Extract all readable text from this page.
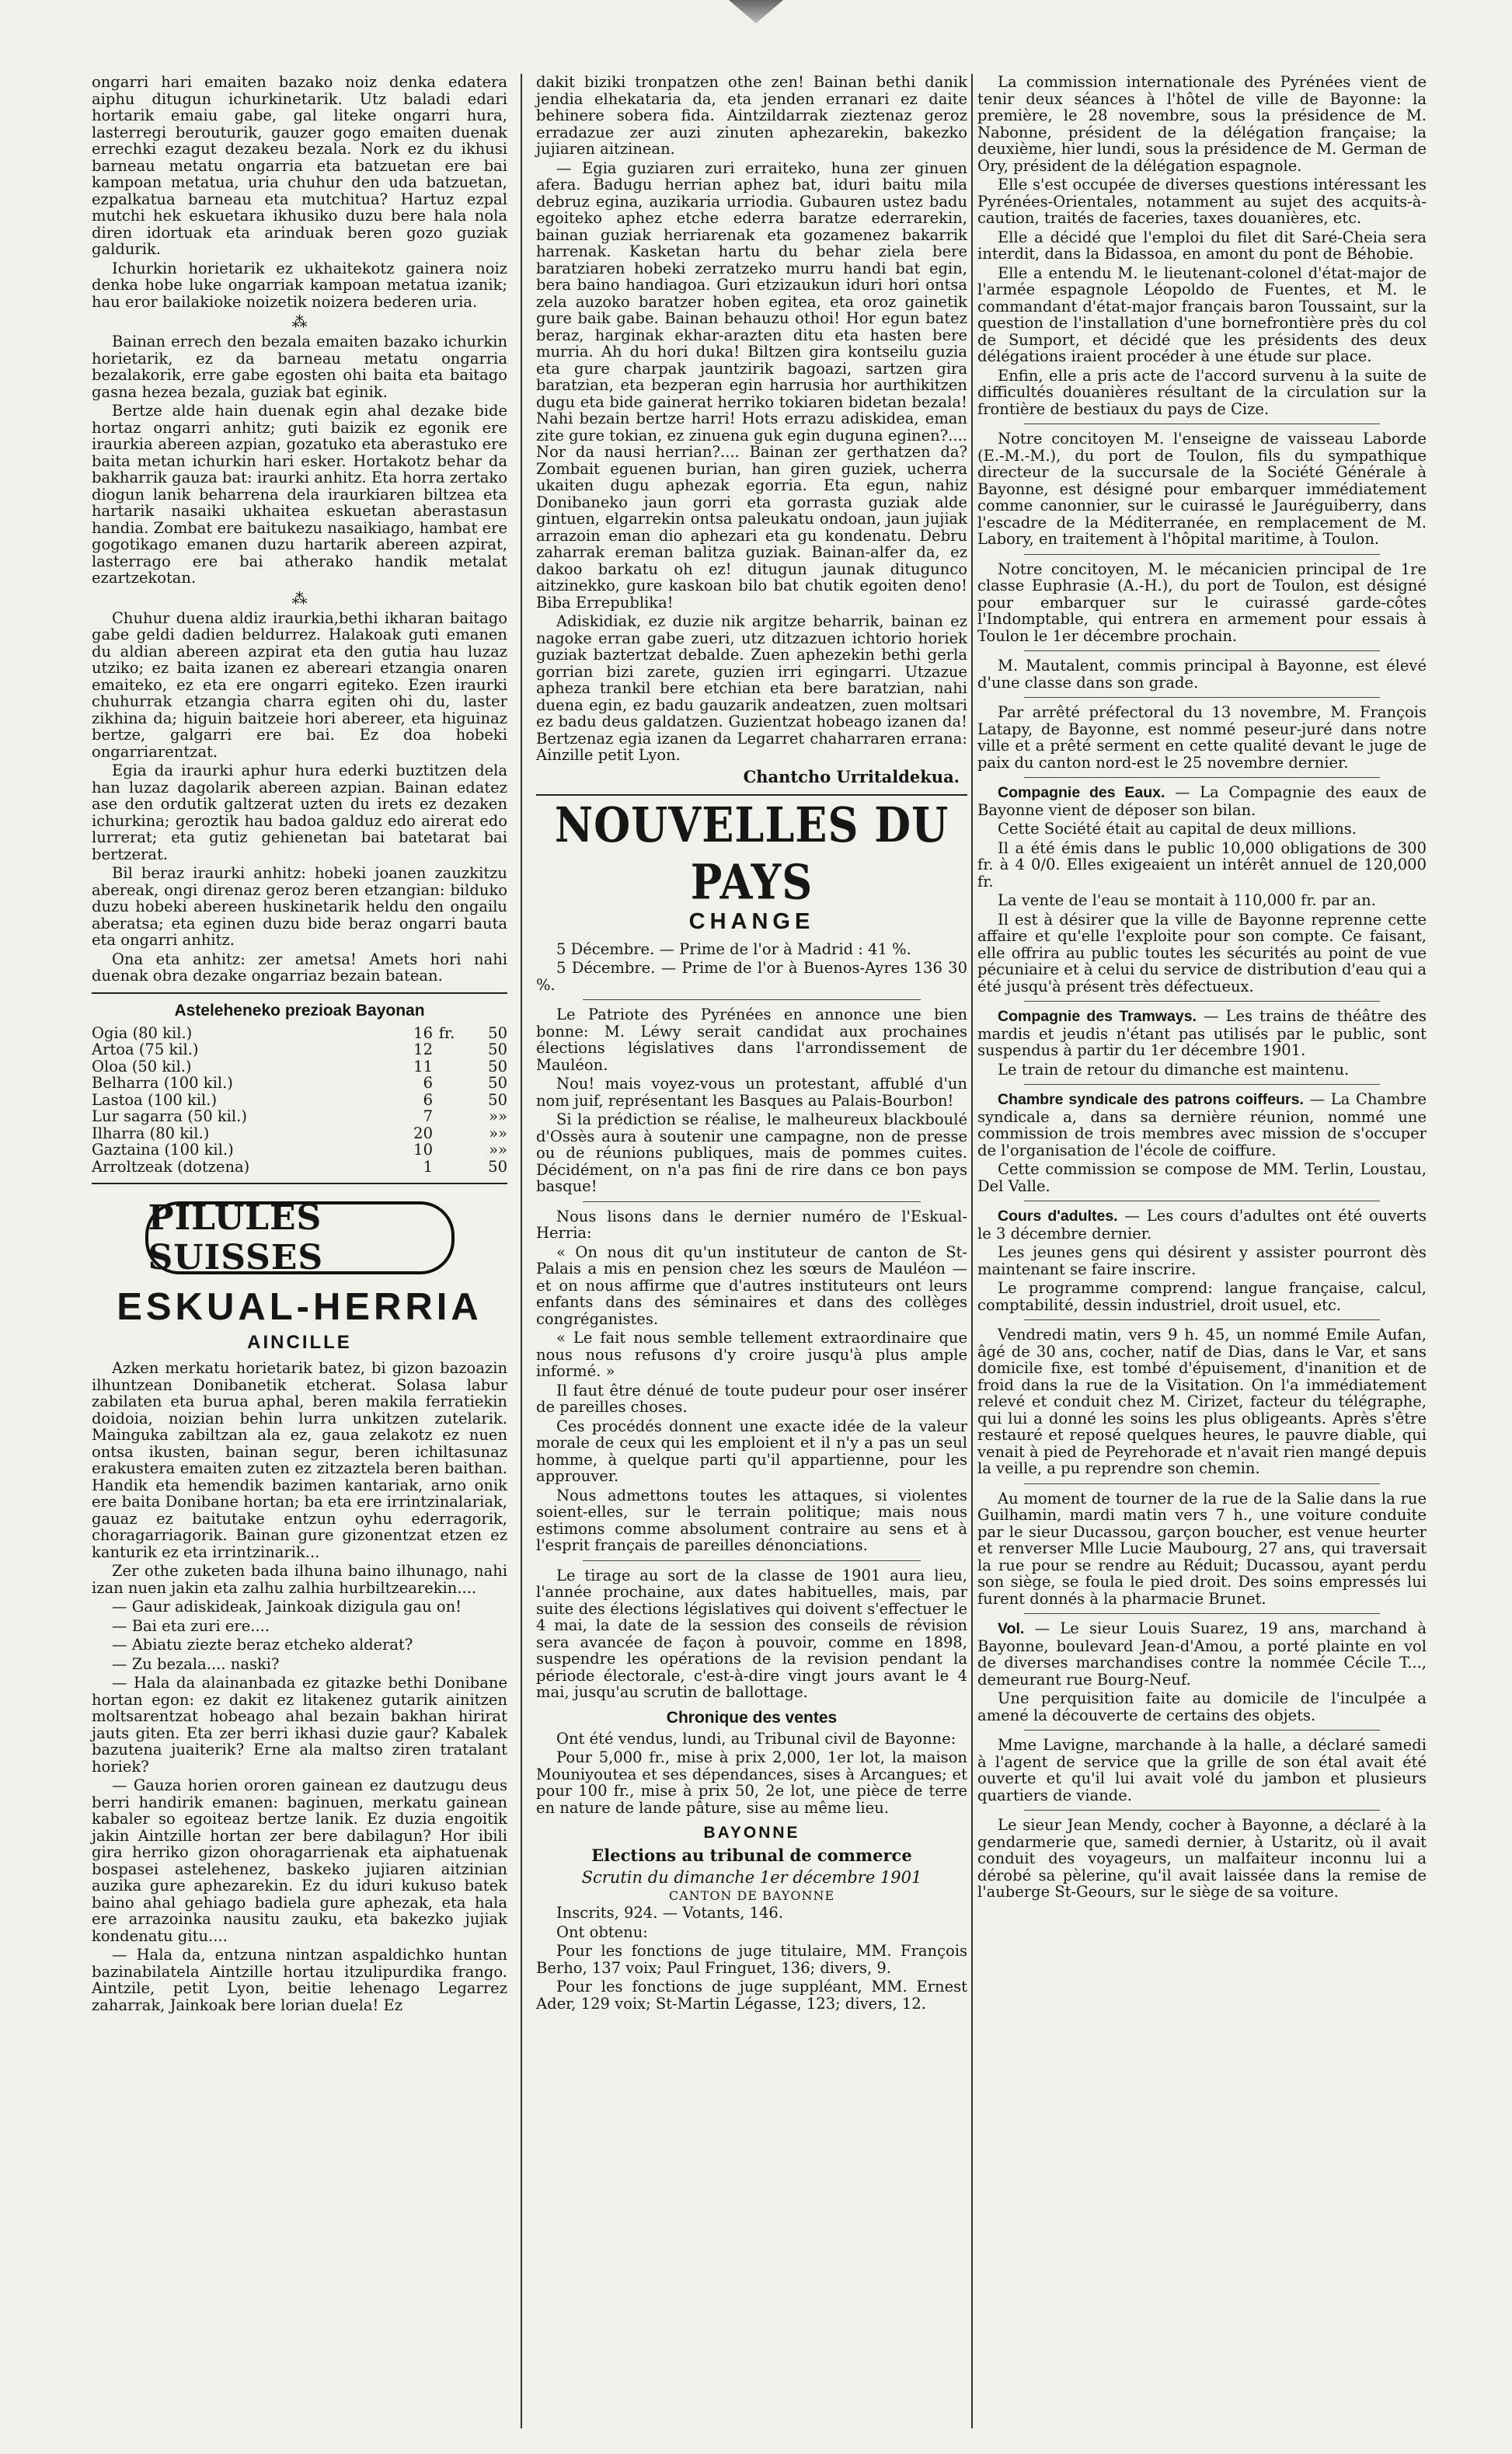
ongarri hari emaiten bazako noiz denka edatera aiphu ditugun ichurkinetarik. Utz baladi edari hortarik emaiu gabe, gal liteke ongarri hura, lasterregi berouturik, gauzer gogo emaiten duenak errechki ezagut dezakeu bezala. Nork ez du ikhusi barneau metatu ongarria eta batzuetan ere bai kampoan metatua, uria chuhur den uda batzuetan, ezpalkatua barneau eta mutchitua? Hartuz ezpal mutchi hek eskuetara ikhusiko duzu bere hala nola diren idortuak eta arinduak beren gozo guziak galdurik.

Ichurkin horietarik ez ukhaitekotz gainera noiz denka hobe luke ongarriak kampoan metatua izanik; hau eror bailakioke noizetik noizera bederen uria.

⁂

Bainan errech den bezala emaiten bazako ichurkin horietarik, ez da barneau metatu ongarria bezalakorik, erre gabe egosten ohi baita eta baitago gasna hezea bezala, guziak bat eginik.

Bertze alde hain duenak egin ahal dezake bide hortaz ongarri anhitz; guti baizik ez egonik ere iraurkia abereen azpian, gozatuko eta aberastuko ere baita metan ichurkin hari esker. Hortakotz behar da bakharrik gauza bat: iraurki anhitz. Eta horra zertako diogun lanik beharrena dela iraurkiaren biltzea eta hartarik nasaiki ukhaitea eskuetan aberastasun handia. Zombat ere baitukezu nasaikiago, hambat ere gogotikago emanen duzu hartarik abereen azpirat, lasterrago ere bai atherako handik metalat ezartzekotan.

⁂

Chuhur duena aldiz iraurkia,bethi ikharan baitago gabe geldi dadien beldurrez. Halakoak guti emanen du aldian abereen azpirat eta den gutia hau luzaz utziko; ez baita izanen ez abereari etzangia onaren emaiteko, ez eta ere ongarri egiteko. Ezen iraurki chuhurrak etzangia charra egiten ohi du, laster zikhina da; higuin baitzeie hori abereer, eta higuinaz bertze, galgarri ere bai. Ez doa hobeki ongarriarentzat.

Egia da iraurki aphur hura ederki buztitzen dela han luzaz dagolarik abereen azpian. Bainan edatez ase den ordutik galtzerat uzten du irets ez dezaken ichurkina; geroztik hau badoa galduz edo airerat edo lurrerat; eta gutiz gehienetan bai batetarat bai bertzerat.

Bil beraz iraurki anhitz: hobeki joanen zauzkitzu abereak, ongi direnaz geroz beren etzangian: bilduko duzu hobeki abereen huskinetarik heldu den ongailu aberatsa; eta eginen duzu bide beraz ongarri bauta eta ongarri anhitz.

Ona eta anhitz: zer ametsa! Amets hori nahi duenak obra dezake ongarriaz bezain batean.

Asteleheneko prezioak Bayonan
Ogia (80 kil.)	16	fr.	50
Artoa (75 kil.)	12		50
Oloa (50 kil.)	11		50
Belharra (100 kil.)	6		50
Lastoa (100 kil.)	6		50
Lur sagarra (50 kil.)	7		»»
Ilharra (80 kil.)	20		»»
Gaztaina (100 kil.)	10		»»
Arroltzeak (dotzena)	1		50
PILULES SUISSES
ESKUAL-HERRIA
AINCILLE

Azken merkatu horietarik batez, bi gizon bazoazin ilhuntzean Donibanetik etcherat. Solasa labur zabilaten eta burua aphal, beren makila ferratiekin doidoia, noizian behin lurra unkitzen zutelarik. Mainguka zabiltzan ala ez, gaua zelakotz ez nuen ontsa ikusten, bainan segur, beren ichiltasunaz erakustera emaiten zuten ez zitzaztela beren baithan. Handik eta hemendik bazimen kantariak, arno onik ere baita Donibane hortan; ba eta ere irrintzinalariak, gauaz ez baitutake entzun oyhu ederragorik, choragarriagorik. Bainan gure gizonentzat etzen ez kanturik ez eta irrintzinarik...

Zer othe zuketen bada ilhuna baino ilhunago, nahi izan nuen jakin eta zalhu zalhia hurbiltzearekin....

— Gaur adiskideak, Jainkoak dizigula gau on!

— Bai eta zuri ere....

— Abiatu ziezte beraz etcheko alderat?

— Zu bezala.... naski?

— Hala da alainanbada ez gitazke bethi Donibane hortan egon: ez dakit ez litakenez gutarik ainitzen moltsarentzat hobeago ahal bezain bakhan hirirat jauts giten. Eta zer berri ikhasi duzie gaur? Kabalek bazutena juaiterik? Erne ala maltso ziren tratalant horiek?

— Gauza horien ororen gainean ez dautzugu deus berri handirik emanen: baginuen, merkatu gainean kabaler so egoiteaz bertze lanik. Ez duzia engoitik jakin Aintzille hortan zer bere dabilagun? Hor ibili gira herriko gizon ohoragarrienak eta aiphatuenak bospasei astelehenez, baskeko jujiaren aitzinian auzika gure aphezarekin. Ez du iduri kukuso batek baino ahal gehiago badiela gure aphezak, eta hala ere arrazoinka nausitu zauku, eta bakezko jujiak kondenatu gitu....

— Hala da, entzuna nintzan aspaldichko huntan bazinabilatela Aintzille hortau itzulipurdika frango. Aintzile, petit Lyon, beitie lehenago Legarrez zaharrak, Jainkoak bere lorian duela! Ez

dakit biziki tronpatzen othe zen! Bainan bethi danik jendia elhekataria da, eta jenden erranari ez daite behinere sobera fida. Aintzildarrak zieztenaz geroz erradazue zer auzi zinuten aphezarekin, bakezko jujiaren aitzinean.

— Egia guziaren zuri erraiteko, huna zer ginuen afera. Badugu herrian aphez bat, iduri baitu mila debruz egina, auzikaria urriodia. Gubauren ustez badu egoiteko aphez etche ederra baratze ederrarekin, bainan guziak herriarenak eta gozamenez bakarrik harrenak. Kasketan hartu du behar ziela bere baratziaren hobeki zerratzeko murru handi bat egin, bera baino handiagoa. Guri etzizaukun iduri hori ontsa zela auzoko baratzer hoben egitea, eta oroz gainetik gure baik gabe. Bainan behauzu othoi! Hor egun batez beraz, harginak ekhar-arazten ditu eta hasten bere murria. Ah du hori duka! Biltzen gira kontseilu guzia eta gure charpak jauntzirik bagoazi, sartzen gira baratzian, eta bezperan egin harrusia hor aurthikitzen dugu eta bide gainerat herriko tokiaren bidetan bezala! Nahi bezain bertze harri! Hots errazu adiskidea, eman zite gure tokian, ez zinuena guk egin duguna eginen?.... Nor da nausi herrian?.... Bainan zer gerthatzen da? Zombait eguenen burian, han giren guziek, ucherra ukaiten dugu aphezak egorria. Eta egun, nahiz Donibaneko jaun gorri eta gorrasta guziak alde gintuen, elgarrekin ontsa paleukatu ondoan, jaun jujiak arrazoin eman dio aphezari eta gu kondenatu. Debru zaharrak ereman balitza guziak. Bainan-alfer da, ez dakoo barkatu oh ez! ditugun jaunak ditugunco aitzinekko, gure kaskoan bilo bat chutik egoiten deno! Biba Errepublika!

Adiskidiak, ez duzie nik argitze beharrik, bainan ez nagoke erran gabe zueri, utz ditzazuen ichtorio horiek guziak baztertzat debalde. Zuen aphezekin bethi gerla gorrian bizi zarete, guzien irri egingarri. Utzazue apheza trankil bere etchian eta bere baratzian, nahi duena egin, ez badu gauzarik andeatzen, zuen moltsari ez badu deus galdatzen. Guzientzat hobeago izanen da! Bertzenaz egia izanen da Legarret chaharraren errana: Ainzille petit Lyon.

Chantcho Urritaldekua.
NOUVELLES DU PAYS
CHANGE

5 Décembre. — Prime de l'or à Madrid : 41 %.

5 Décembre. — Prime de l'or à Buenos-Ayres 136 30 %.

Le Patriote des Pyrénées en annonce une bien bonne: M. Léwy serait candidat aux prochaines élections législatives dans l'arrondissement de Mauléon.

Nou! mais voyez-vous un protestant, affublé d'un nom juif, représentant les Basques au Palais-Bourbon!

Si la prédiction se réalise, le malheureux blackboulé d'Ossès aura à soutenir une campagne, non de presse ou de réunions publiques, mais de pommes cuites. Décidément, on n'a pas fini de rire dans ce bon pays basque!

Nous lisons dans le dernier numéro de l'Eskual-Herria:

« On nous dit qu'un instituteur de canton de St-Palais a mis en pension chez les sœurs de Mauléon — et on nous affirme que d'autres instituteurs ont leurs enfants dans des séminaires et dans des collèges congréganistes.

« Le fait nous semble tellement extraordinaire que nous nous refusons d'y croire jusqu'à plus ample informé. »

Il faut être dénué de toute pudeur pour oser insérer de pareilles choses.

Ces procédés donnent une exacte idée de la valeur morale de ceux qui les emploient et il n'y a pas un seul homme, à quelque parti qu'il appartienne, pour les approuver.

Nous admettons toutes les attaques, si violentes soient-elles, sur le terrain politique; mais nous estimons comme absolument contraire au sens et à l'esprit français de pareilles dénonciations.

Le tirage au sort de la classe de 1901 aura lieu, l'année prochaine, aux dates habituelles, mais, par suite des élections législatives qui doivent s'effectuer le 4 mai, la date de la session des conseils de révision sera avancée de façon à pouvoir, comme en 1898, suspendre les opérations de la revision pendant la période électorale, c'est-à-dire vingt jours avant le 4 mai, jusqu'au scrutin de ballottage.

Chronique des ventes

Ont été vendus, lundi, au Tribunal civil de Bayonne:

Pour 5,000 fr., mise à prix 2,000, 1er lot, la maison Mouniyoutea et ses dépendances, sises à Arcangues; et pour 100 fr., mise à prix 50, 2e lot, une pièce de terre en nature de lande pâture, sise au même lieu.

BAYONNE
Elections au tribunal de commerce
Scrutin du dimanche 1er décembre 1901
CANTON DE BAYONNE

Inscrits, 924. — Votants, 146.

Ont obtenu:

Pour les fonctions de juge titulaire, MM. François Berho, 137 voix; Paul Fringuet, 136; divers, 9.

Pour les fonctions de juge suppléant, MM. Ernest Ader, 129 voix; St-Martin Légasse, 123; divers, 12.

La commission internationale des Pyrénées vient de tenir deux séances à l'hôtel de ville de Bayonne: la première, le 28 novembre, sous la présidence de M. Nabonne, président de la délégation française; la deuxième, hier lundi, sous la présidence de M. German de Ory, président de la délégation espagnole.

Elle s'est occupée de diverses questions intéressant les Pyrénées-Orientales, notamment au sujet des acquits-à-caution, traités de faceries, taxes douanières, etc.

Elle a décidé que l'emploi du filet dit Saré-Cheia sera interdit, dans la Bidassoa, en amont du pont de Béhobie.

Elle a entendu M. le lieutenant-colonel d'état-major de l'armée espagnole Léopoldo de Fuentes, et M. le commandant d'état-major français baron Toussaint, sur la question de l'installation d'une bornefrontière près du col de Sumport, et décidé que les présidents des deux délégations iraient procéder à une étude sur place.

Enfin, elle a pris acte de l'accord survenu à la suite de difficultés douanières résultant de la circulation sur la frontière de bestiaux du pays de Cize.

Notre concitoyen M. l'enseigne de vaisseau Laborde (E.-M.-M.), du port de Toulon, fils du sympathique directeur de la succursale de la Société Générale à Bayonne, est désigné pour embarquer immédiatement comme canonnier, sur le cuirassé le Jauréguiberry, dans l'escadre de la Méditerranée, en remplacement de M. Labory, en traitement à l'hôpital maritime, à Toulon.

Notre concitoyen, M. le mécanicien principal de 1re classe Euphrasie (A.-H.), du port de Toulon, est désigné pour embarquer sur le cuirassé garde-côtes l'Indomptable, qui entrera en armement pour essais à Toulon le 1er décembre prochain.

M. Mautalent, commis principal à Bayonne, est élevé d'une classe dans son grade.

Par arrêté préfectoral du 13 novembre, M. François Latapy, de Bayonne, est nommé peseur-juré dans notre ville et a prêté serment en cette qualité devant le juge de paix du canton nord-est le 25 novembre dernier.

Compagnie des Eaux. — La Compagnie des eaux de Bayonne vient de déposer son bilan.

Cette Société était au capital de deux millions.

Il a été émis dans le public 10,000 obligations de 300 fr. à 4 0/0. Elles exigeaient un intérêt annuel de 120,000 fr.

La vente de l'eau se montait à 110,000 fr. par an.

Il est à désirer que la ville de Bayonne reprenne cette affaire et qu'elle l'exploite pour son compte. Ce faisant, elle offrira au public toutes les sécurités au point de vue pécuniaire et à celui du service de distribution d'eau qui a été jusqu'à présent très défectueux.

Compagnie des Tramways. — Les trains de théâtre des mardis et jeudis n'étant pas utilisés par le public, sont suspendus à partir du 1er décembre 1901.

Le train de retour du dimanche est maintenu.

Chambre syndicale des patrons coiffeurs. — La Chambre syndicale a, dans sa dernière réunion, nommé une commission de trois membres avec mission de s'occuper de l'organisation de l'école de coiffure.

Cette commission se compose de MM. Terlin, Loustau, Del Valle.

Cours d'adultes. — Les cours d'adultes ont été ouverts le 3 décembre dernier.

Les jeunes gens qui désirent y assister pourront dès maintenant se faire inscrire.

Le programme comprend: langue française, calcul, comptabilité, dessin industriel, droit usuel, etc.

Vendredi matin, vers 9 h. 45, un nommé Emile Aufan, âgé de 30 ans, cocher, natif de Dias, dans le Var, et sans domicile fixe, est tombé d'épuisement, d'inanition et de froid dans la rue de la Visitation. On l'a immédiatement relevé et conduit chez M. Cirizet, facteur du télégraphe, qui lui a donné les soins les plus obligeants. Après s'être restauré et reposé quelques heures, le pauvre diable, qui venait à pied de Peyrehorade et n'avait rien mangé depuis la veille, a pu reprendre son chemin.

Au moment de tourner de la rue de la Salie dans la rue Guilhamin, mardi matin vers 7 h., une voiture conduite par le sieur Ducassou, garçon boucher, est venue heurter et renverser Mlle Lucie Maubourg, 27 ans, qui traversait la rue pour se rendre au Réduit; Ducassou, ayant perdu son siège, se foula le pied droit. Des soins empressés lui furent donnés à la pharmacie Brunet.

Vol. — Le sieur Louis Suarez, 19 ans, marchand à Bayonne, boulevard Jean-d'Amou, a porté plainte en vol de diverses marchandises contre la nommée Cécile T..., demeurant rue Bourg-Neuf.

Une perquisition faite au domicile de l'inculpée a amené la découverte de certains des objets.

Mme Lavigne, marchande à la halle, a déclaré samedi à l'agent de service que la grille de son étal avait été ouverte et qu'il lui avait volé du jambon et plusieurs quartiers de viande.

Le sieur Jean Mendy, cocher à Bayonne, a déclaré à la gendarmerie que, samedi dernier, à Ustaritz, où il avait conduit des voyageurs, un malfaiteur inconnu lui a dérobé sa pèlerine, qu'il avait laissée dans la remise de l'auberge St-Geours, sur le siège de sa voiture.
